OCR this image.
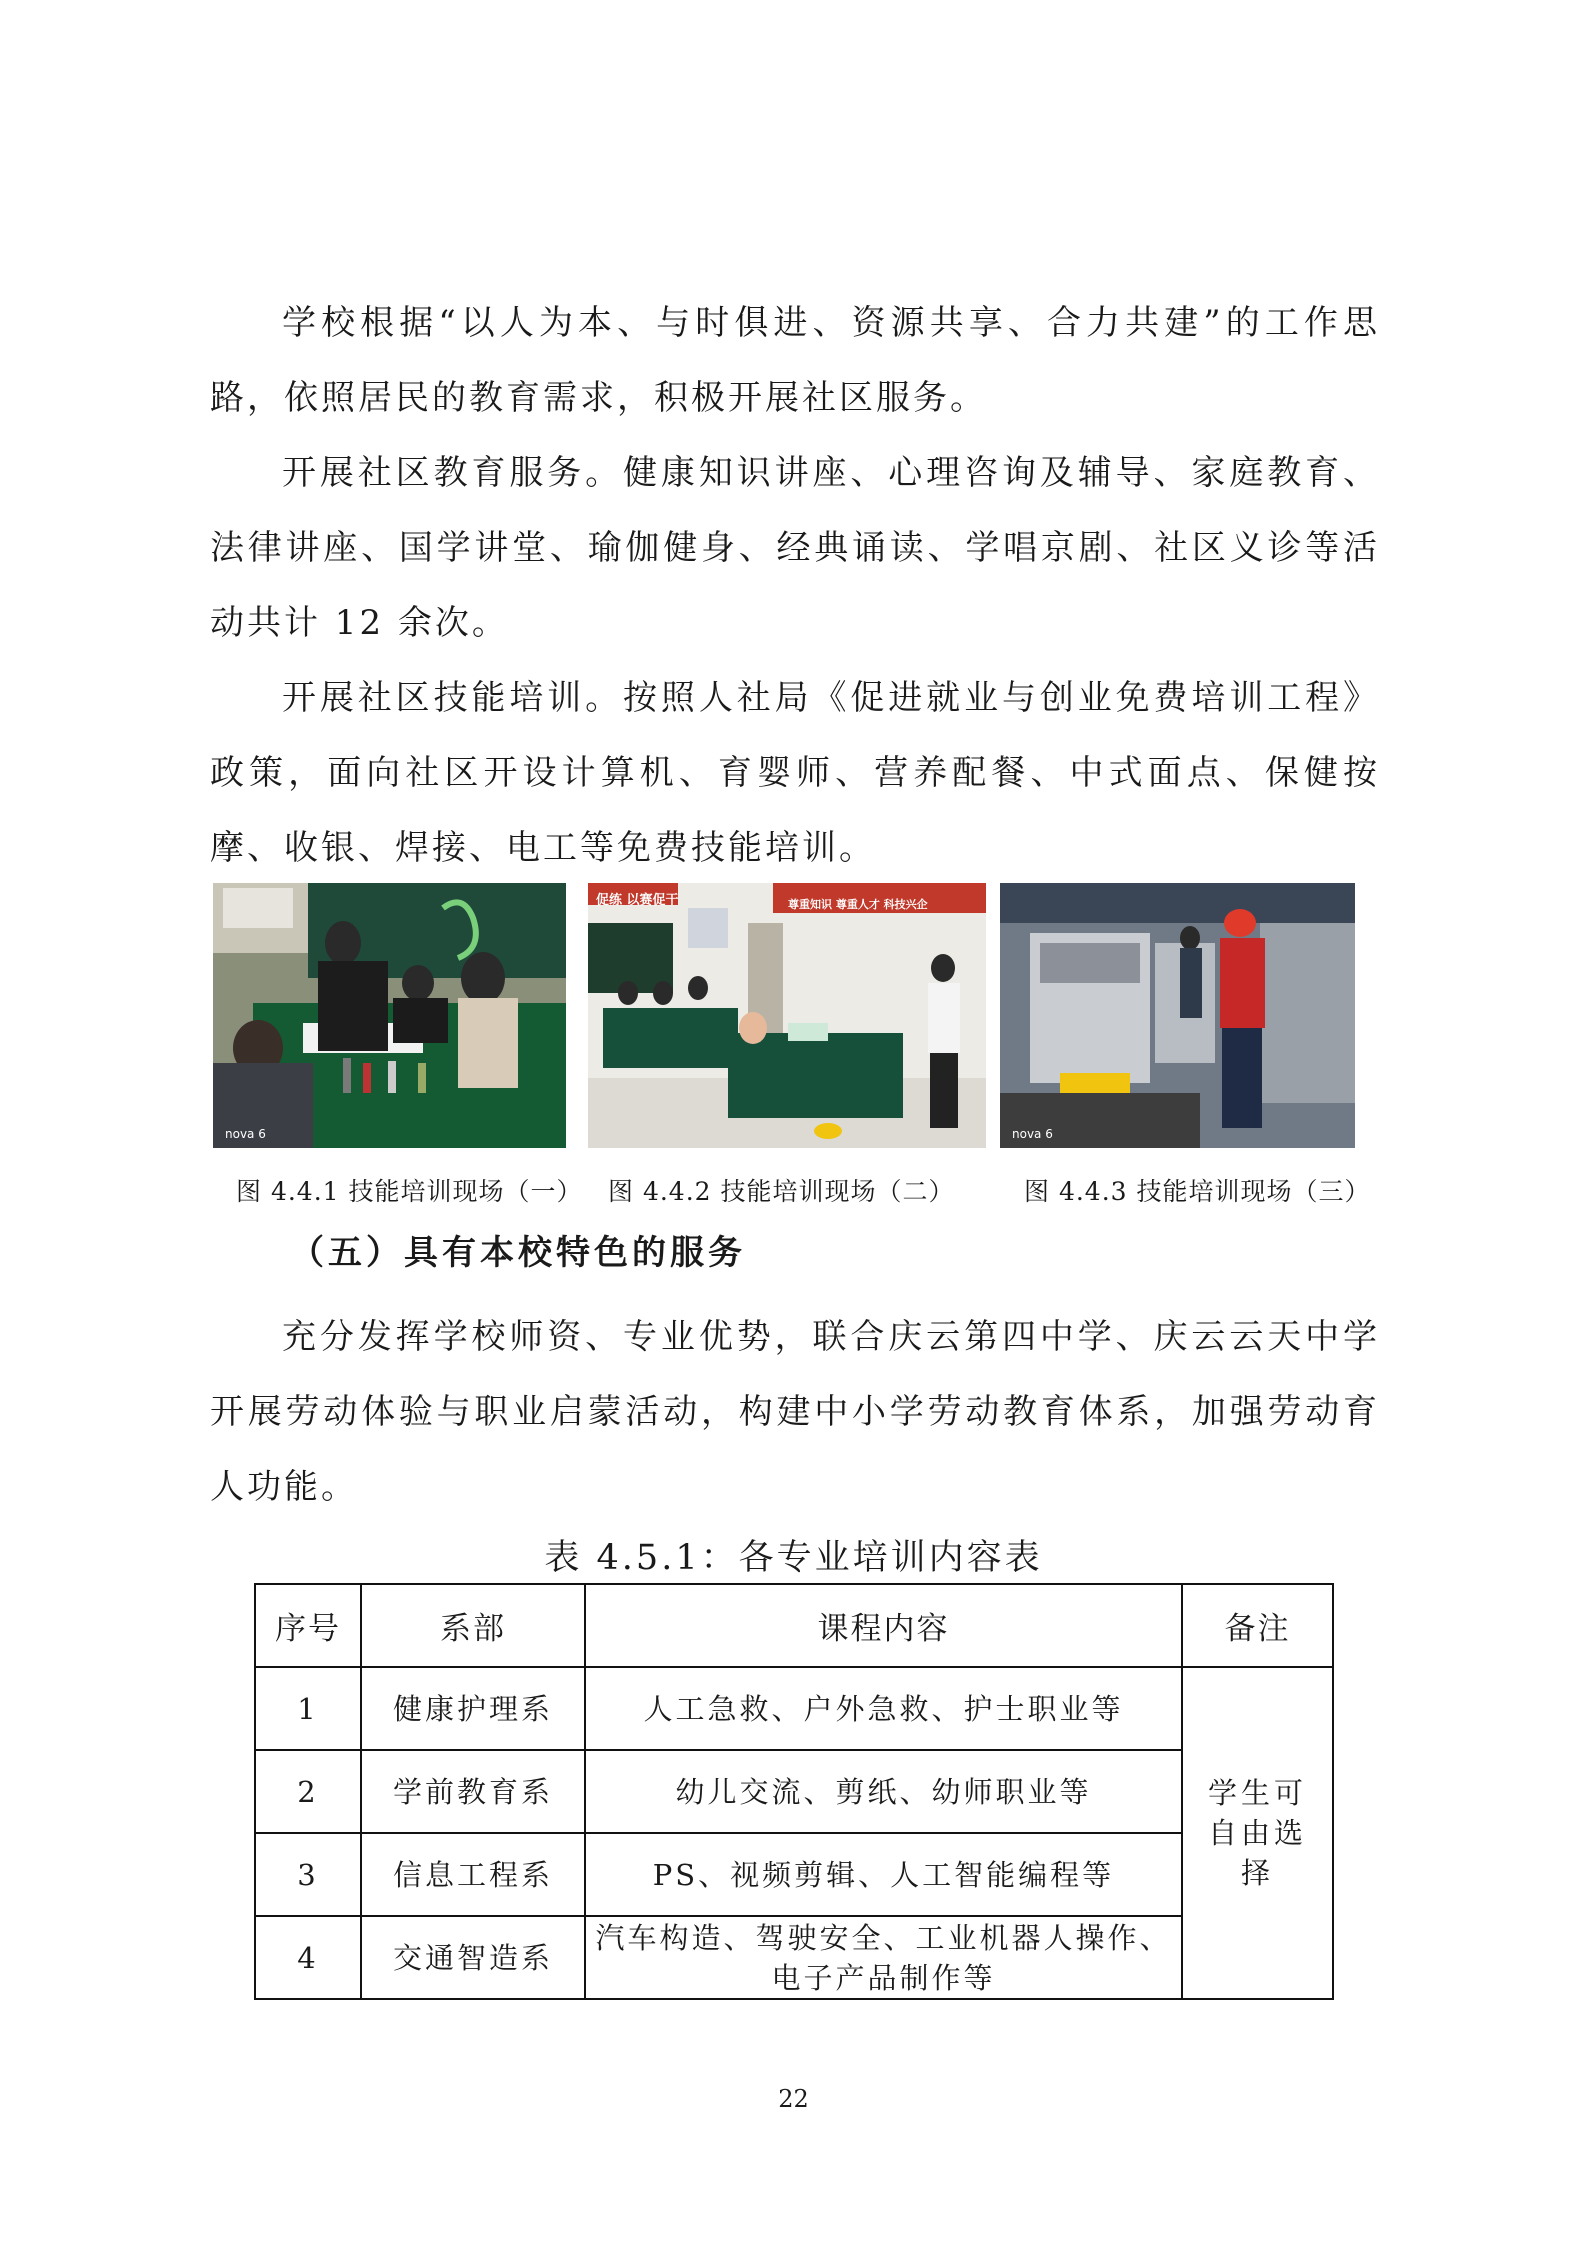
学校根据“以人为本、与时俱进、资源共享、合力共建”的工作思路，依照居民的教育需求，积极开展社区服务。

开展社区教育服务。健康知识讲座、心理咨询及辅导、家庭教育、法律讲座、国学讲堂、瑜伽健身、经典诵读、学唱京剧、社区义诊等活动共计 12 余次。

开展社区技能培训。按照人社局《促进就业与创业免费培训工程》政策，面向社区开设计算机、育婴师、营养配餐、中式面点、保健按摩、收银、焊接、电工等免费技能培训。

nova 6
促练 以赛促干	尊重知识 尊重人才 科技兴企
nova 6
图 4.4.1 技能培训现场（一） 图 4.4.2 技能培训现场（二）	图 4.4.3 技能培训现场（三）

（五）具有本校特色的服务

充分发挥学校师资、专业优势，联合庆云第四中学、庆云云天中学开展劳动体验与职业启蒙活动，构建中小学劳动教育体系，加强劳动育人功能。

表 4.5.1：各专业培训内容表

序号	系部	课程内容	备注
1	健康护理系	人工急救、户外急救、护士职业等	学生可自由选择
2	学前教育系	幼儿交流、剪纸、幼师职业等	
3	信息工程系	PS、视频剪辑、人工智能编程等	
4	交通智造系	汽车构造、驾驶安全、工业机器人操作、电子产品制作等	
22
